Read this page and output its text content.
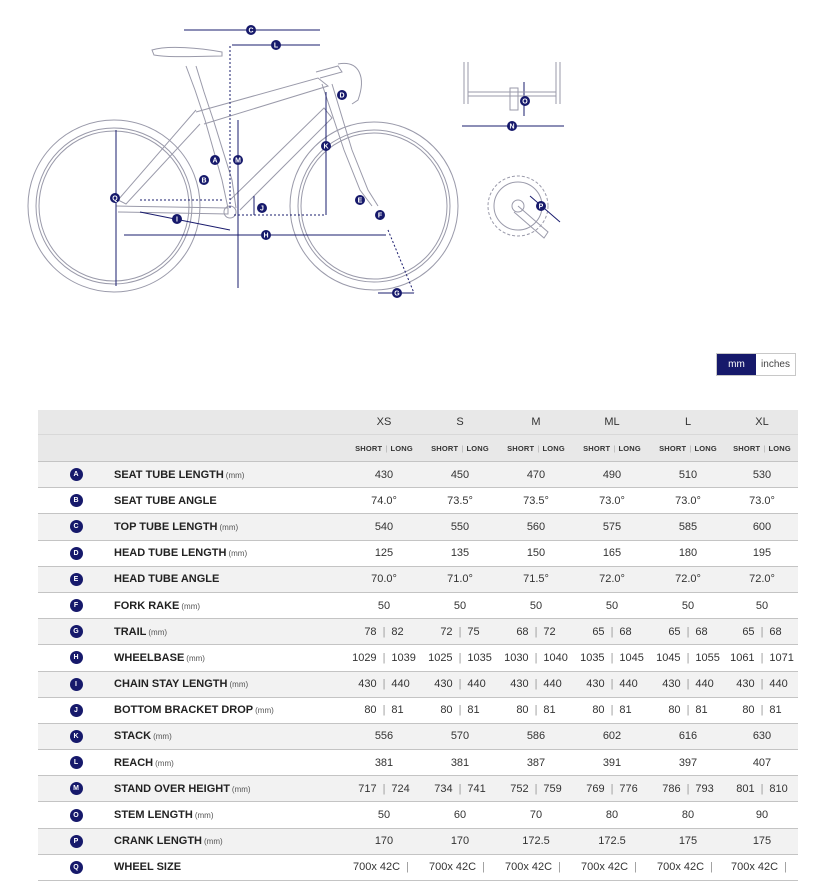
A
B
C
D
E
F
G
H
I
J
K
L
M
N
O
P
Q
mm	inches
		XS	S	M	ML	L	XL
		SHORT | LONG	SHORT | LONG	SHORT | LONG	SHORT | LONG	SHORT | LONG	SHORT | LONG
A	SEAT TUBE LENGTH (mm)	430	450	470	490	510	530
B	SEAT TUBE ANGLE	74.0°	73.5°	73.5°	73.0°	73.0°	73.0°
C	TOP TUBE LENGTH (mm)	540	550	560	575	585	600
D	HEAD TUBE LENGTH (mm)	125	135	150	165	180	195
E	HEAD TUBE ANGLE	70.0°	71.0°	71.5°	72.0°	72.0°	72.0°
F	FORK RAKE (mm)	50	50	50	50	50	50
G	TRAIL (mm)	78 | 82	72 | 75	68 | 72	65 | 68	65 | 68	65 | 68

H	WHEELBASE (mm)	1029 | 1039	1025 | 1035	1030 | 1040	1035 | 1045	1045 | 1055	1061 | 1071

I	CHAIN STAY LENGTH (mm)	430 | 440	430 | 440	430 | 440	430 | 440	430 | 440	430 | 440

J	BOTTOM BRACKET DROP (mm)	80 | 81	80 | 81	80 | 81	80 | 81	80 | 81	80 | 81

K	STACK (mm)	556	570	586	602	616	630
L	REACH (mm)	381	381	387	391	397	407
M	STAND OVER HEIGHT (mm)	717 | 724	734 | 741	752 | 759	769 | 776	786 | 793	801 | 810

O	STEM LENGTH (mm)	50	60	70	80	80	90
P	CRANK LENGTH (mm)	170	170	172.5	172.5	175	175
Q	WHEEL SIZE	700x 42C |	700x 42C |	700x 42C |	700x 42C |	700x 42C |	700x 42C |
